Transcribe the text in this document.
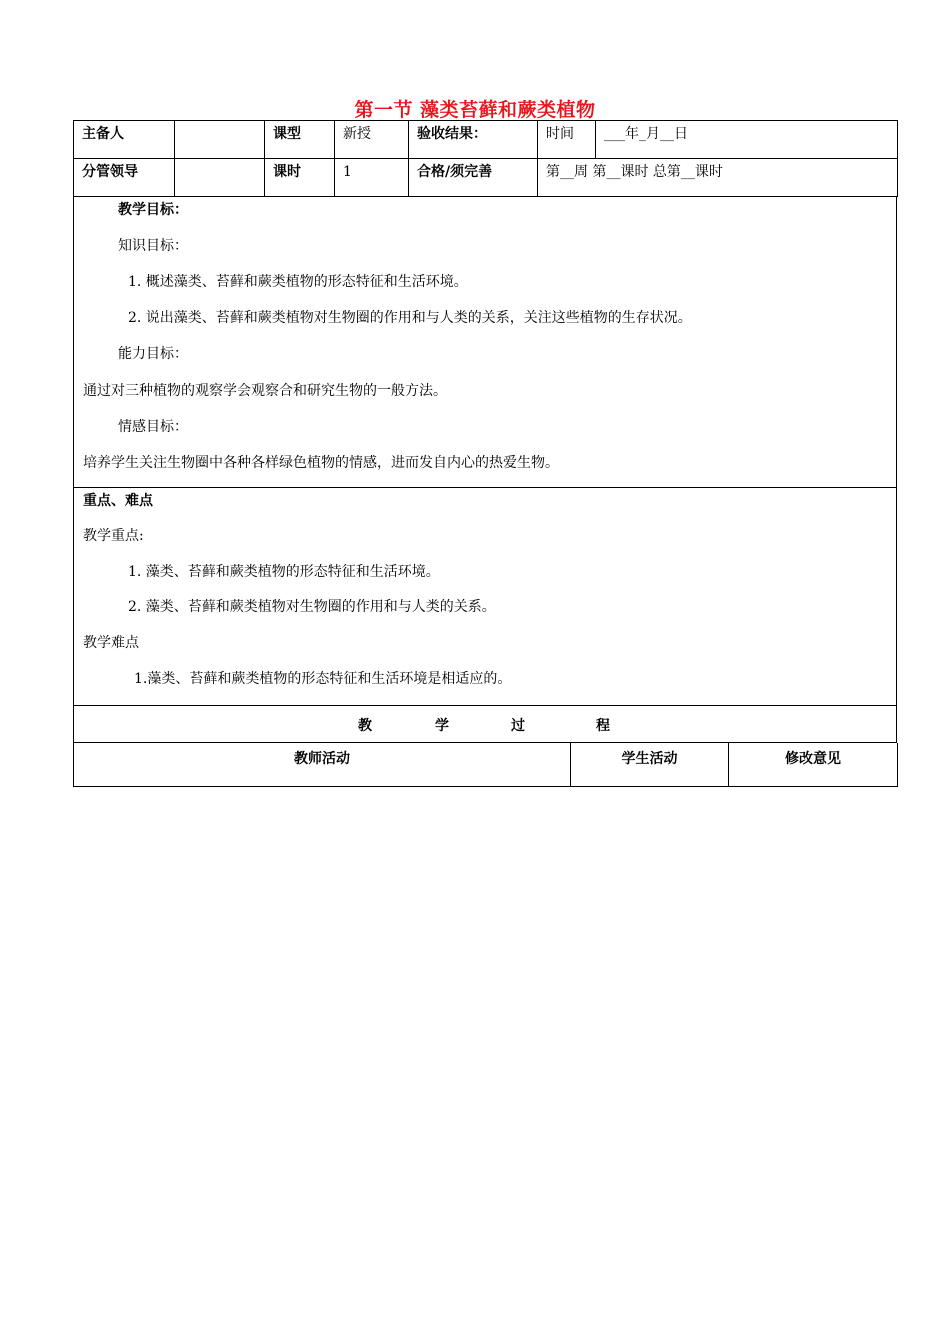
第一节 藻类苔藓和蕨类植物
主备人		课型	新授	验收结果：	时间	___年_月__日
分管领导		课时	1	合格/须完善	第__周 第__课时 总第__课时	

教学目标：

知识目标：

1. 概述藻类、苔藓和蕨类植物的形态特征和生活环境。

2. 说出藻类、苔藓和蕨类植物对生物圈的作用和与人类的关系，关注这些植物的生存状况。

能力目标：

通过对三种植物的观察学会观察合和研究生物的一般方法。

情感目标：

培养学生关注生物圈中各种各样绿色植物的情感，进而发自内心的热爱生物。

重点、难点

教学重点:

1. 藻类、苔藓和蕨类植物的形态特征和生活环境。

2. 藻类、苔藓和蕨类植物对生物圈的作用和与人类的关系。

教学难点

1.藻类、苔藓和蕨类植物的形态特征和生活环境是相适应的。

教	学	过	程
教师活动	学生活动	修改意见
